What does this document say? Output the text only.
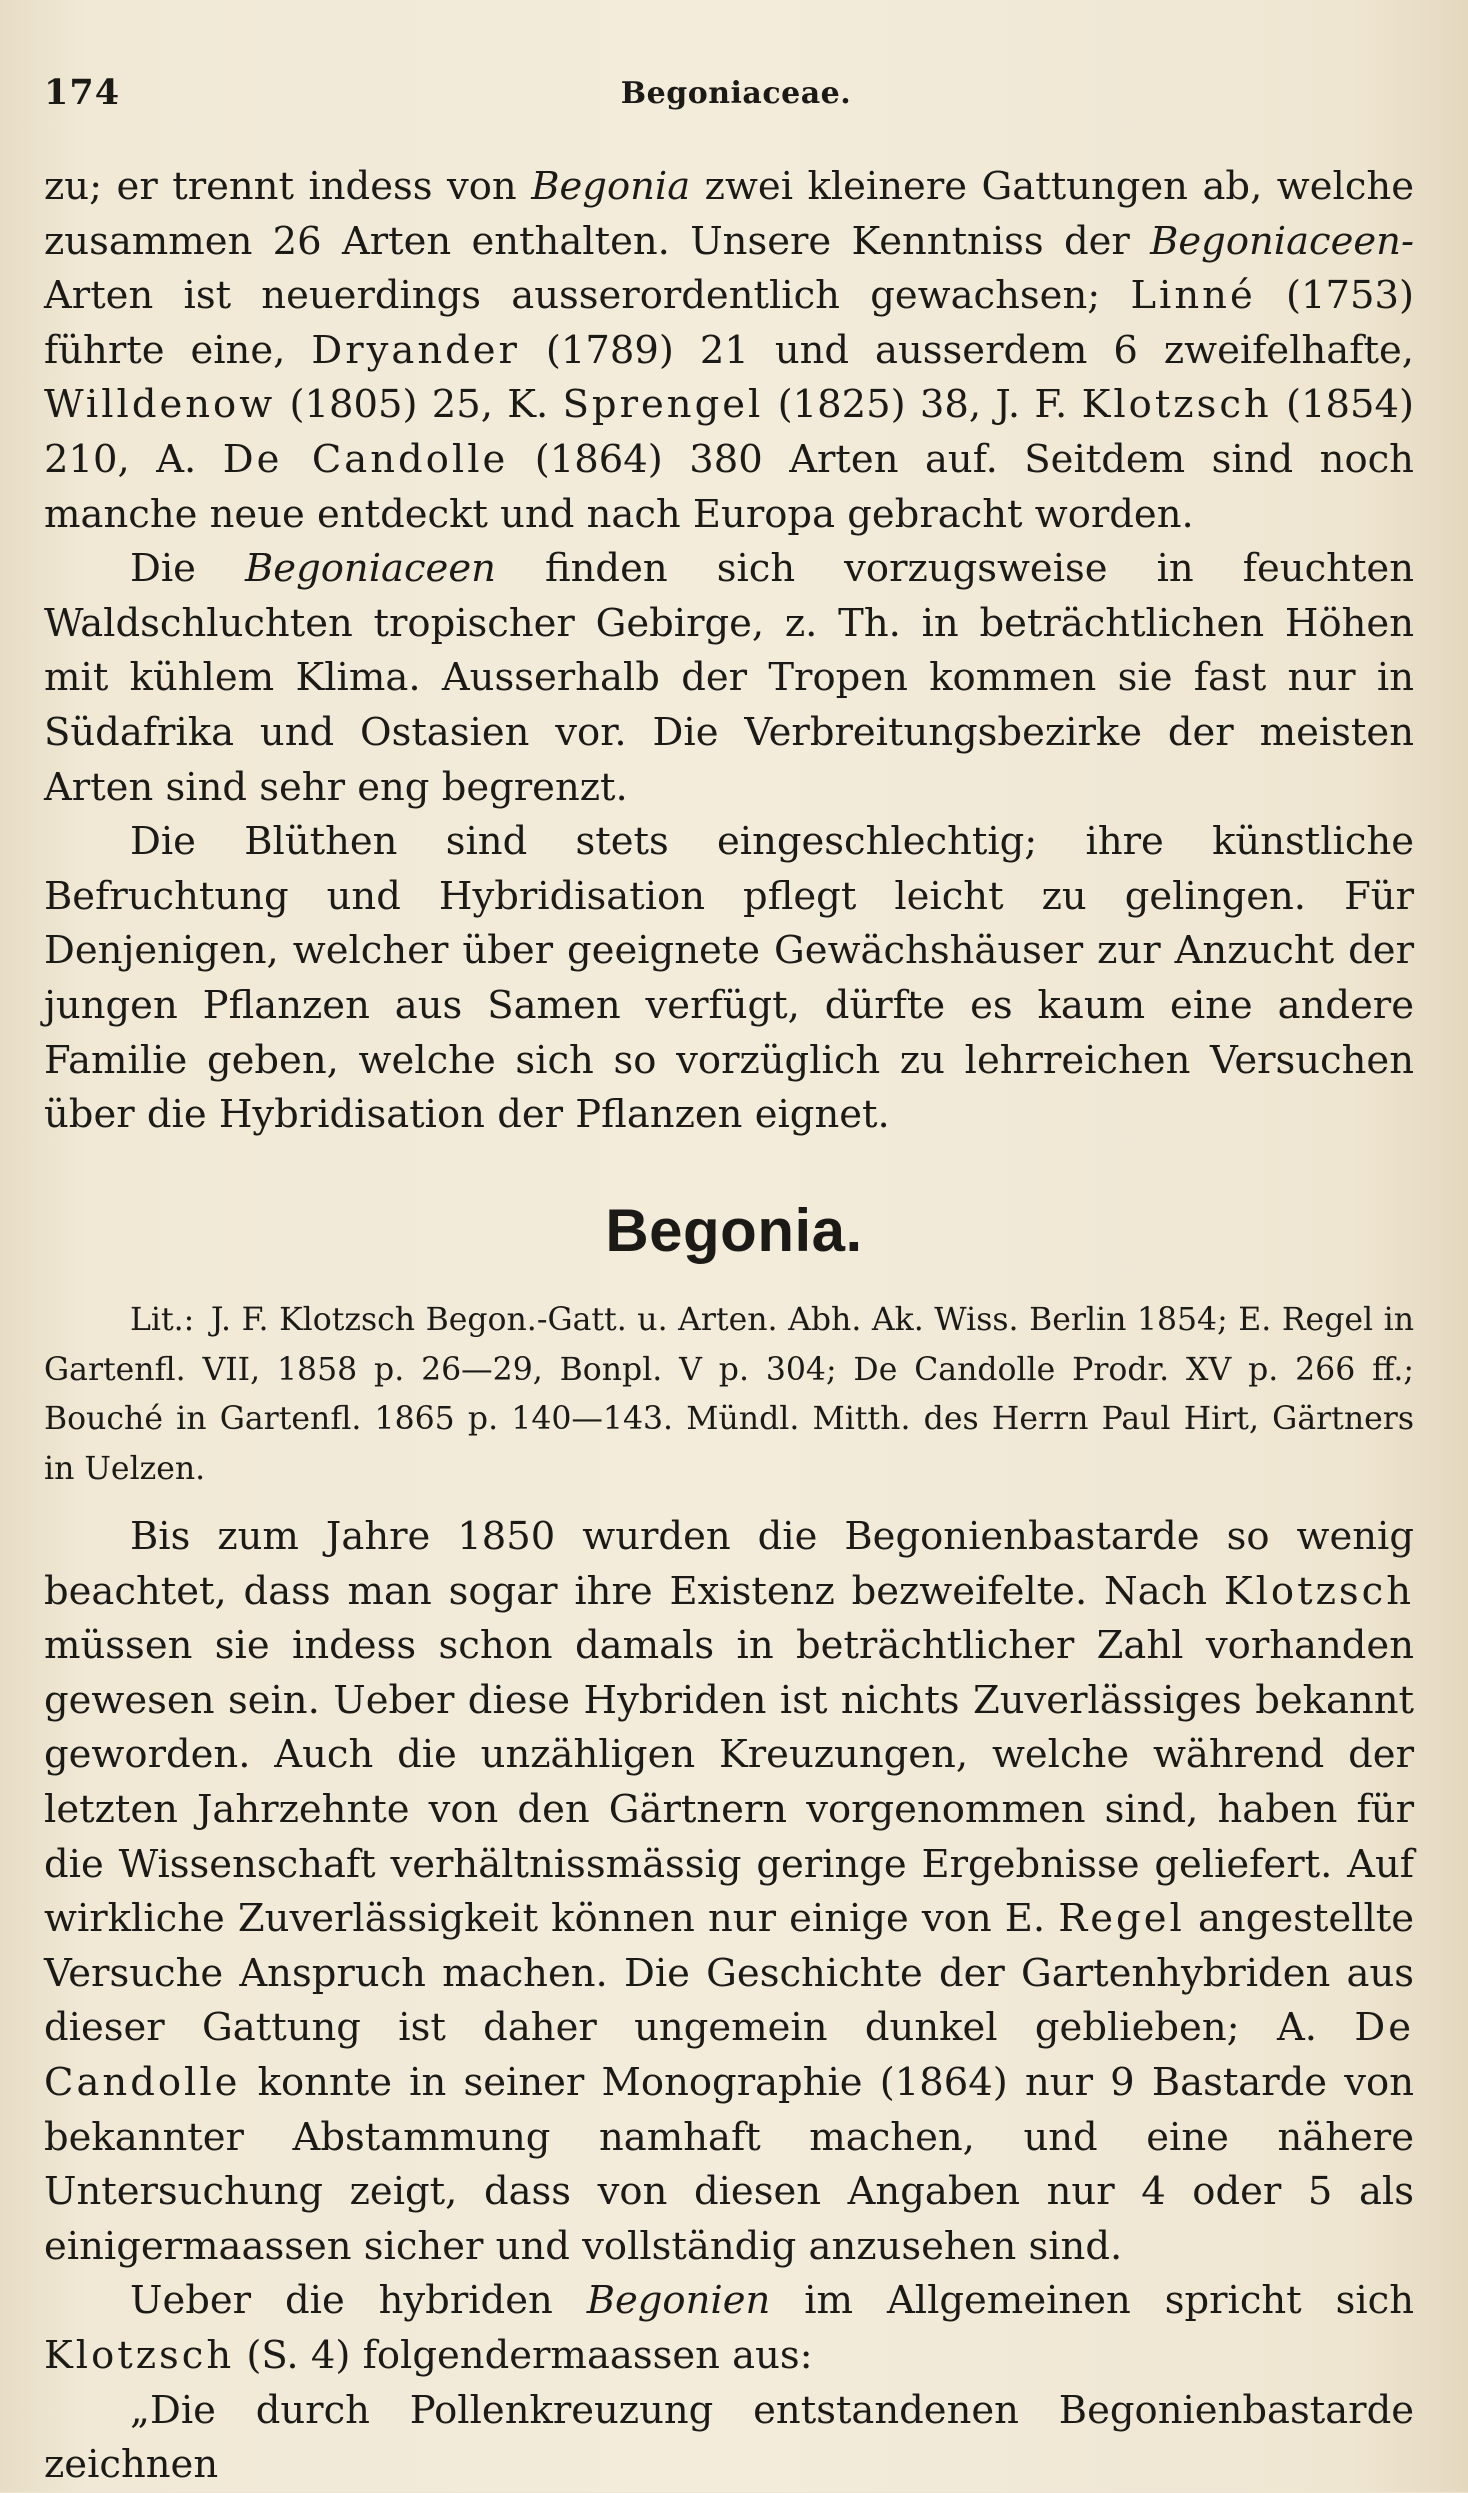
174	Begoniaceae.

zu; er trennt indess von Begonia zwei kleinere Gattungen ab, welche zusammen 26 Arten enthalten. Unsere Kenntniss der Begoniaceen- Arten ist neuerdings ausserordentlich gewachsen; Linné (1753) führte eine, Dryander (1789) 21 und ausserdem 6 zweifelhafte, Willdenow (1805) 25, K. Sprengel (1825) 38, J. F. Klotzsch (1854) 210, A. De Candolle (1864) 380 Arten auf. Seitdem sind noch manche neue entdeckt und nach Europa gebracht worden.

Die Begoniaceen finden sich vorzugsweise in feuchten Waldschluchten tropischer Gebirge, z. Th. in beträchtlichen Höhen mit kühlem Klima. Ausserhalb der Tropen kommen sie fast nur in Südafrika und Ostasien vor. Die Verbreitungsbezirke der meisten Arten sind sehr eng begrenzt.

Die Blüthen sind stets eingeschlechtig; ihre künstliche Befruchtung und Hybridisation pflegt leicht zu gelingen. Für Denjenigen, welcher über geeignete Gewächshäuser zur Anzucht der jungen Pflanzen aus Samen verfügt, dürfte es kaum eine andere Familie geben, welche sich so vorzüglich zu lehrreichen Versuchen über die Hybridisation der Pflanzen eignet.

Begonia.
Lit.: J. F. Klotzsch Begon.-Gatt. u. Arten. Abh. Ak. Wiss. Berlin 1854; E. Regel in Gartenfl. VII, 1858 p. 26—29, Bonpl. V p. 304; De Candolle Prodr. XV p. 266 ff.; Bouché in Gartenfl. 1865 p. 140—143. Mündl. Mitth. des Herrn Paul Hirt, Gärtners in Uelzen.

Bis zum Jahre 1850 wurden die Begonienbastarde so wenig beachtet, dass man sogar ihre Existenz bezweifelte. Nach Klotzsch müssen sie indess schon damals in beträchtlicher Zahl vorhanden gewesen sein. Ueber diese Hybriden ist nichts Zuverlässiges bekannt geworden. Auch die unzähligen Kreuzungen, welche während der letzten Jahrzehnte von den Gärtnern vorgenommen sind, haben für die Wissenschaft verhältnissmässig geringe Ergebnisse geliefert. Auf wirkliche Zuverlässigkeit können nur einige von E. Regel angestellte Versuche Anspruch machen. Die Geschichte der Gartenhybriden aus dieser Gattung ist daher ungemein dunkel geblieben; A. De Candolle konnte in seiner Monographie (1864) nur 9 Bastarde von bekannter Abstammung namhaft machen, und eine nähere Untersuchung zeigt, dass von diesen Angaben nur 4 oder 5 als einigermaassen sicher und vollständig anzusehen sind.

Ueber die hybriden Begonien im Allgemeinen spricht sich Klotzsch (S. 4) folgendermaassen aus:

„Die durch Pollenkreuzung entstandenen Begonienbastarde zeichnen
